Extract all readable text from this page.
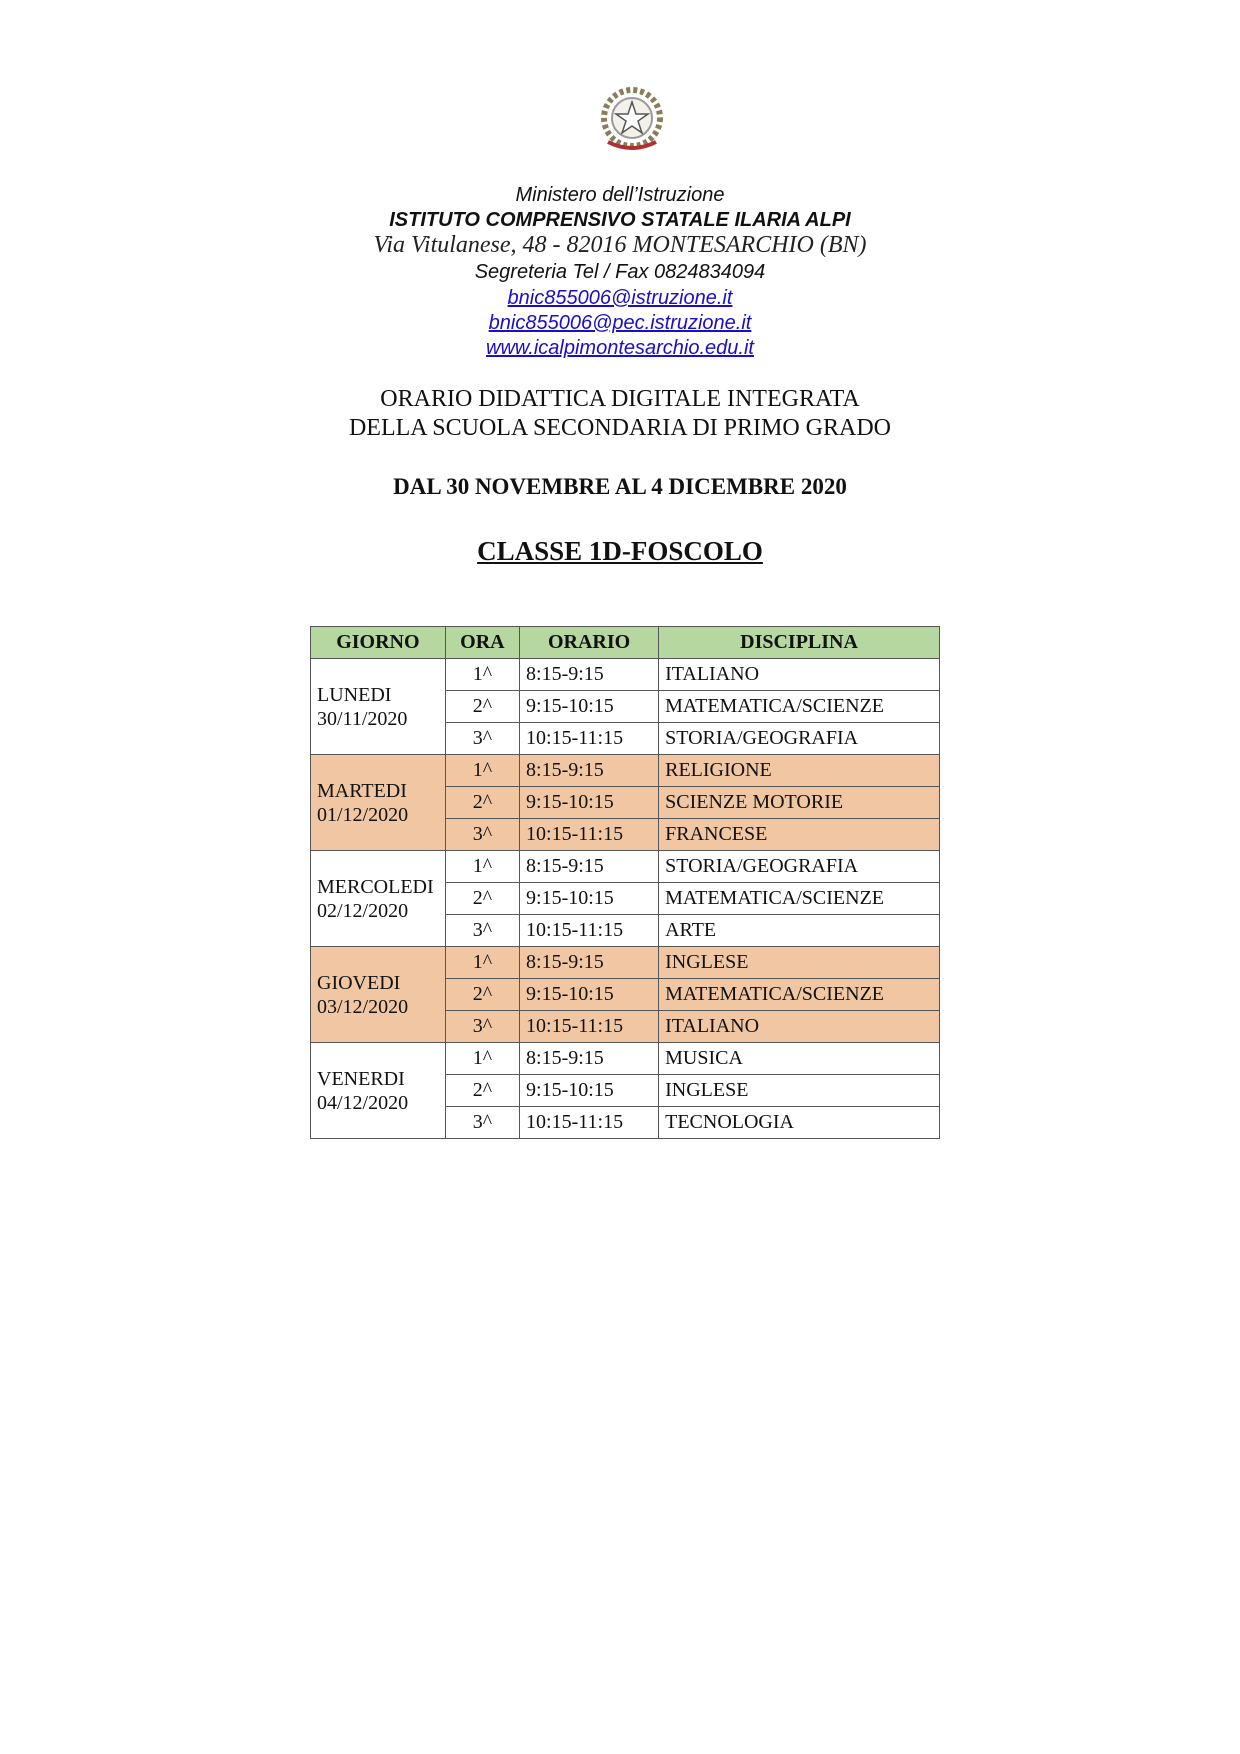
Ministero dell’Istruzione
ISTITUTO COMPRENSIVO STATALE ILARIA ALPI
Via Vitulanese, 48 - 82016 MONTESARCHIO (BN)
Segreteria Tel / Fax 0824834094
bnic855006@istruzione.it
bnic855006@pec.istruzione.it
www.icalpimontesarchio.edu.it
ORARIO DIDATTICA DIGITALE INTEGRATA
DELLA SCUOLA SECONDARIA DI PRIMO GRADO
DAL 30 NOVEMBRE AL 4 DICEMBRE 2020
CLASSE 1D-FOSCOLO
GIORNO	ORA	ORARIO	DISCIPLINA
LUNEDI
30/11/2020	1^	8:15-9:15	ITALIANO
	2^	9:15-10:15	MATEMATICA/SCIENZE
	3^	10:15-11:15	STORIA/GEOGRAFIA
MARTEDI
01/12/2020	1^	8:15-9:15	RELIGIONE
	2^	9:15-10:15	SCIENZE MOTORIE
	3^	10:15-11:15	FRANCESE
MERCOLEDI
02/12/2020	1^	8:15-9:15	STORIA/GEOGRAFIA
	2^	9:15-10:15	MATEMATICA/SCIENZE
	3^	10:15-11:15	ARTE
GIOVEDI
03/12/2020	1^	8:15-9:15	INGLESE
	2^	9:15-10:15	MATEMATICA/SCIENZE
	3^	10:15-11:15	ITALIANO
VENERDI
04/12/2020	1^	8:15-9:15	MUSICA
	2^	9:15-10:15	INGLESE
	3^	10:15-11:15	TECNOLOGIA
